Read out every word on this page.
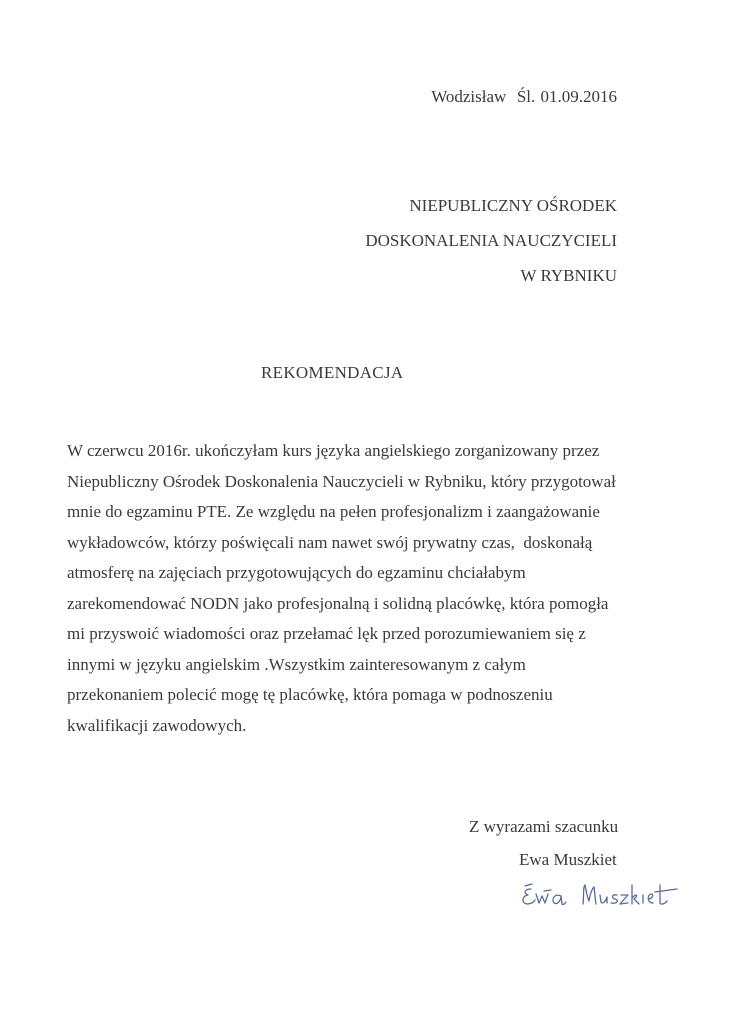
Wodzisław  Śl. 01.09.2016
NIEPUBLICZNY OŚRODEK
DOSKONALENIA NAUCZYCIELI
W RYBNIKU
REKOMENDACJA
W czerwcu 2016r. ukończyłam kurs języka angielskiego zorganizowany przez
Niepubliczny Ośrodek Doskonalenia Nauczycieli w Rybniku, który przygotował
mnie do egzaminu PTE. Ze względu na pełen profesjonalizm i zaangażowanie
wykładowców, którzy poświęcali nam nawet swój prywatny czas,  doskonałą
atmosferę na zajęciach przygotowujących do egzaminu chciałabym
zarekomendować NODN jako profesjonalną i solidną placówkę, która pomogła
mi przyswoić wiadomości oraz przełamać lęk przed porozumiewaniem się z
innymi w języku angielskim .Wszystkim zainteresowanym z całym
przekonaniem polecić mogę tę placówkę, która pomaga w podnoszeniu
kwalifikacji zawodowych.
Z wyrazami szacunku
Ewa Muszkiet
